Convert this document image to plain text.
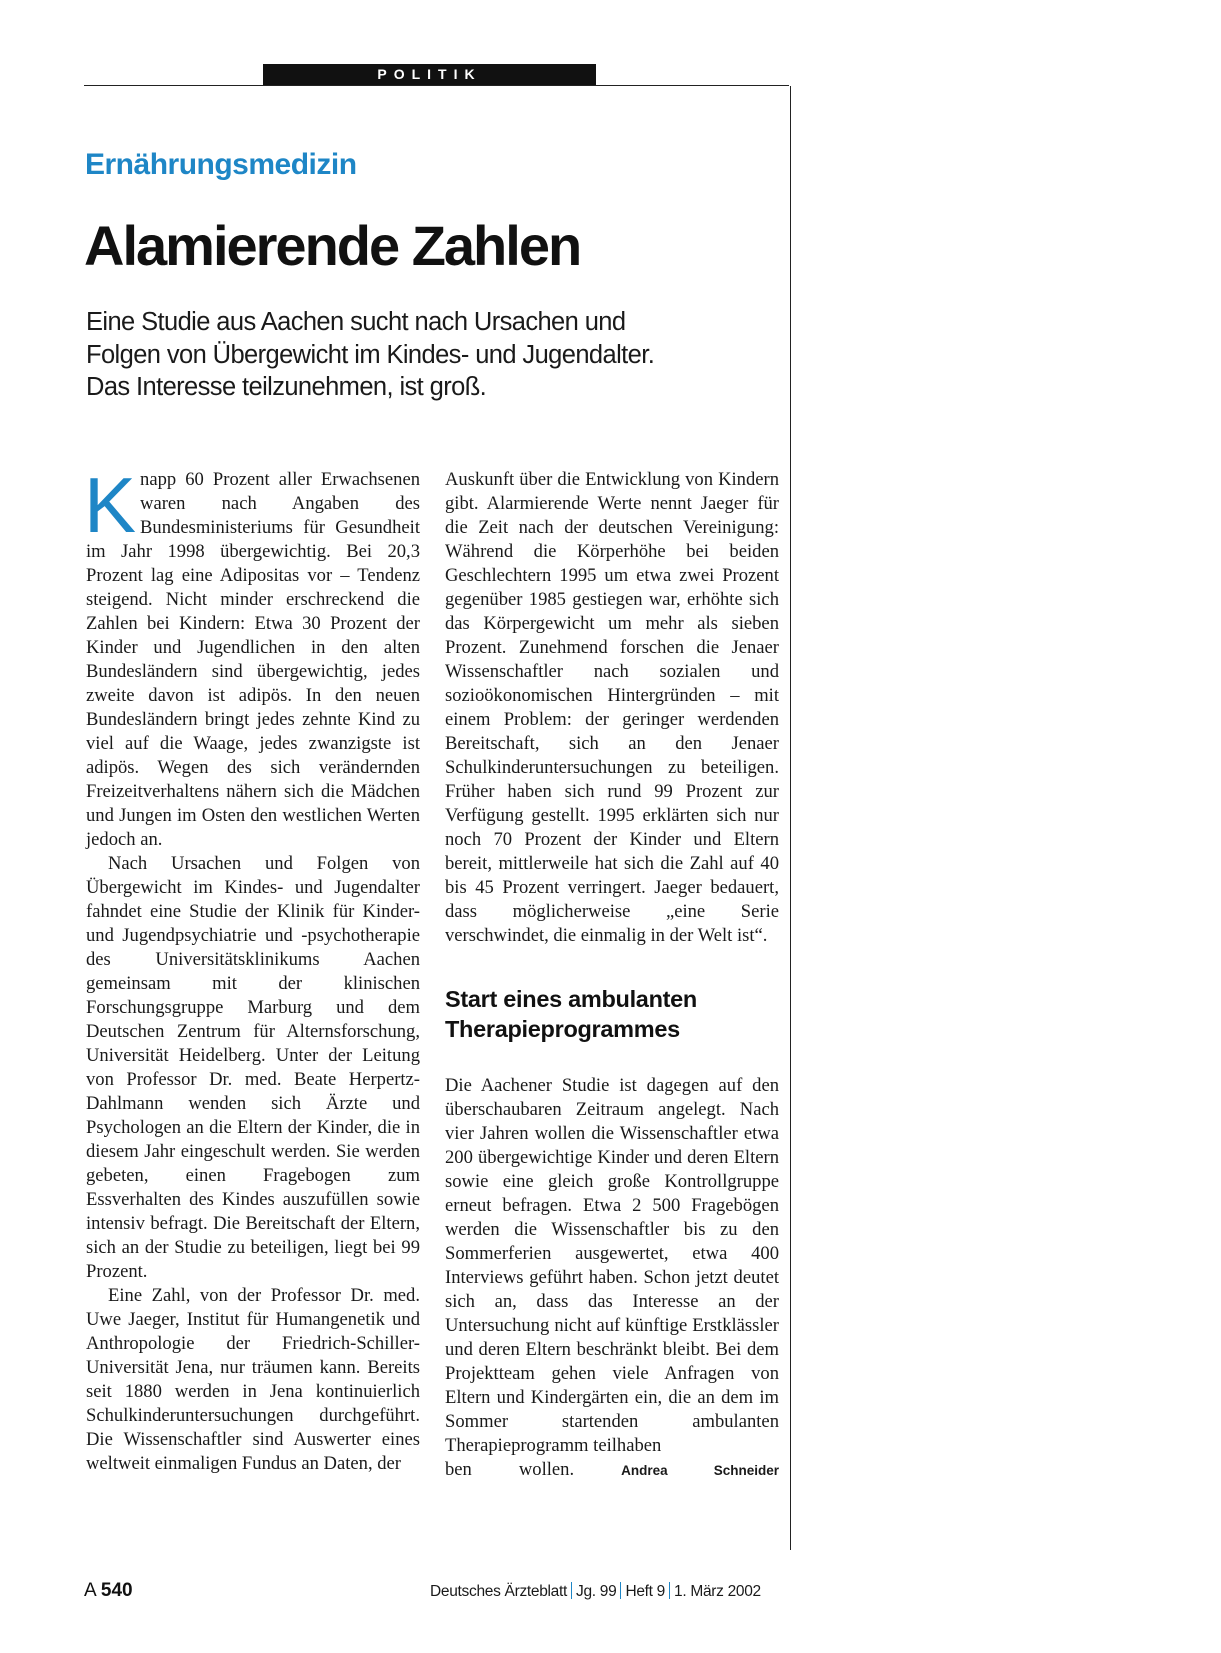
POLITIK
Ernährungsmedizin
Alamierende Zahlen
Eine Studie aus Aachen sucht nach Ursachen und
Folgen von Übergewicht im Kindes- und Jugendalter.
Das Interesse teilzunehmen, ist groß.

Knapp 60 Prozent aller Erwachsenen waren nach Angaben des Bundesministeriums für Gesundheit im Jahr 1998 übergewichtig. Bei 20,3 Prozent lag eine Adipositas vor – Tendenz steigend. Nicht minder erschreckend die Zahlen bei Kindern: Etwa 30 Prozent der Kinder und Jugendlichen in den alten Bundesländern sind übergewichtig, jedes zweite davon ist adipös. In den neuen Bundesländern bringt jedes zehnte Kind zu viel auf die Waage, jedes zwanzigste ist adipös. Wegen des sich verändernden Freizeitverhaltens nähern sich die Mädchen und Jungen im Osten den westlichen Werten jedoch an.

Nach Ursachen und Folgen von Übergewicht im Kindes- und Jugendalter fahndet eine Studie der Klinik für Kinder- und Jugendpsychiatrie und -psychotherapie des Universitätsklinikums Aachen gemeinsam mit der klinischen Forschungsgruppe Marburg und dem Deutschen Zentrum für Alternsforschung, Universität Heidelberg. Unter der Leitung von Professor Dr. med. Beate Herpertz-Dahlmann wenden sich Ärzte und Psychologen an die Eltern der Kinder, die in diesem Jahr eingeschult werden. Sie werden gebeten, einen Fragebogen zum Essverhalten des Kindes auszufüllen sowie intensiv befragt. Die Bereitschaft der Eltern, sich an der Studie zu beteiligen, liegt bei 99 Prozent.

Eine Zahl, von der Professor Dr. med. Uwe Jaeger, Institut für Humangenetik und Anthropologie der Friedrich-Schiller-Universität Jena, nur träumen kann. Bereits seit 1880 werden in Jena kontinuierlich Schulkinderuntersuchungen durchgeführt. Die Wissenschaftler sind Auswerter eines weltweit einmaligen Fundus an Daten, der

Auskunft über die Entwicklung von Kindern gibt. Alarmierende Werte nennt Jaeger für die Zeit nach der deutschen Vereinigung: Während die Körperhöhe bei beiden Geschlechtern 1995 um etwa zwei Prozent gegenüber 1985 gestiegen war, erhöhte sich das Körpergewicht um mehr als sieben Prozent. Zunehmend forschen die Jenaer Wissenschaftler nach sozialen und sozioökonomischen Hintergründen – mit einem Problem: der geringer werdenden Bereitschaft, sich an den Jenaer Schulkinderuntersuchungen zu beteiligen. Früher haben sich rund 99 Prozent zur Verfügung gestellt. 1995 erklärten sich nur noch 70 Prozent der Kinder und Eltern bereit, mittlerweile hat sich die Zahl auf 40 bis 45 Prozent verringert. Jaeger bedauert, dass möglicherweise „eine Serie verschwindet, die einmalig in der Welt ist“.

Start eines ambulanten
Therapieprogrammes

Die Aachener Studie ist dagegen auf den überschaubaren Zeitraum angelegt. Nach vier Jahren wollen die Wissenschaftler etwa 200 übergewichtige Kinder und deren Eltern sowie eine gleich große Kontrollgruppe erneut befragen. Etwa 2 500 Fragebögen werden die Wissenschaftler bis zu den Sommerferien ausgewertet, etwa 400 Interviews geführt haben. Schon jetzt deutet sich an, dass das Interesse an der Untersuchung nicht auf künftige Erstklässler und deren Eltern beschränkt bleibt. Bei dem Projektteam gehen viele Anfragen von Eltern und Kindergärten ein, die an dem im Sommer startenden ambulanten Therapieprogramm teilhaben

ben wollen.	Andrea Schneider

A 540	Deutsches Ärzteblatt Jg. 99 Heft 9 1. März 2002
